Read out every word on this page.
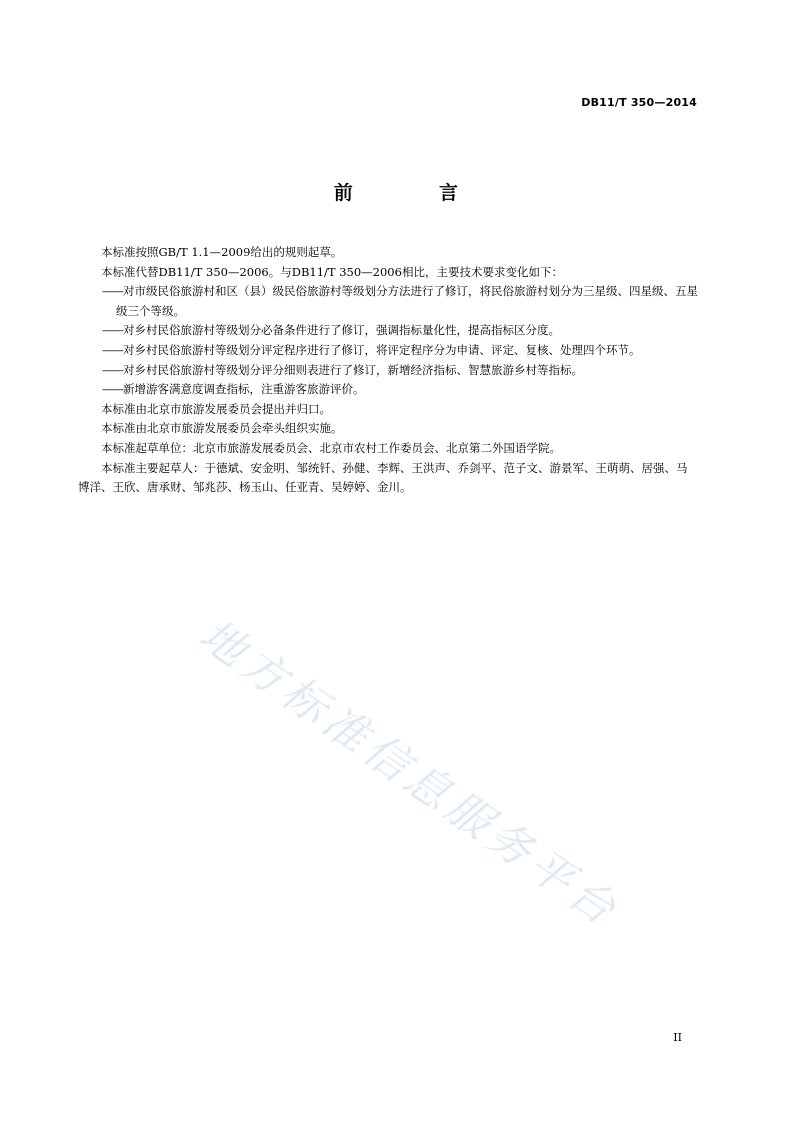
DB11/T 350—2014
前	言

本标准按照GB/T 1.1—2009给出的规则起草。

本标准代替DB11/T 350—2006。与DB11/T 350—2006相比，主要技术要求变化如下：

——对市级民俗旅游村和区（县）级民俗旅游村等级划分方法进行了修订，将民俗旅游村划分为三星级、四星级、五星级三个等级。

——对乡村民俗旅游村等级划分必备条件进行了修订，强调指标量化性，提高指标区分度。

——对乡村民俗旅游村等级划分评定程序进行了修订，将评定程序分为申请、评定、复核、处理四个环节。

——对乡村民俗旅游村等级划分评分细则表进行了修订，新增经济指标、智慧旅游乡村等指标。

——新增游客满意度调查指标，注重游客旅游评价。

本标准由北京市旅游发展委员会提出并归口。

本标准由北京市旅游发展委员会牵头组织实施。

本标准起草单位：北京市旅游发展委员会、北京市农村工作委员会、北京第二外国语学院。

本标准主要起草人：于德斌、安金明、邹统钎、孙健、李辉、王洪声、乔剑平、范子文、游景军、王萌萌、居强、马博洋、王欣、唐承财、邹兆莎、杨玉山、任亚青、吴婷婷、金川。

地方标准信息服务平台
II
